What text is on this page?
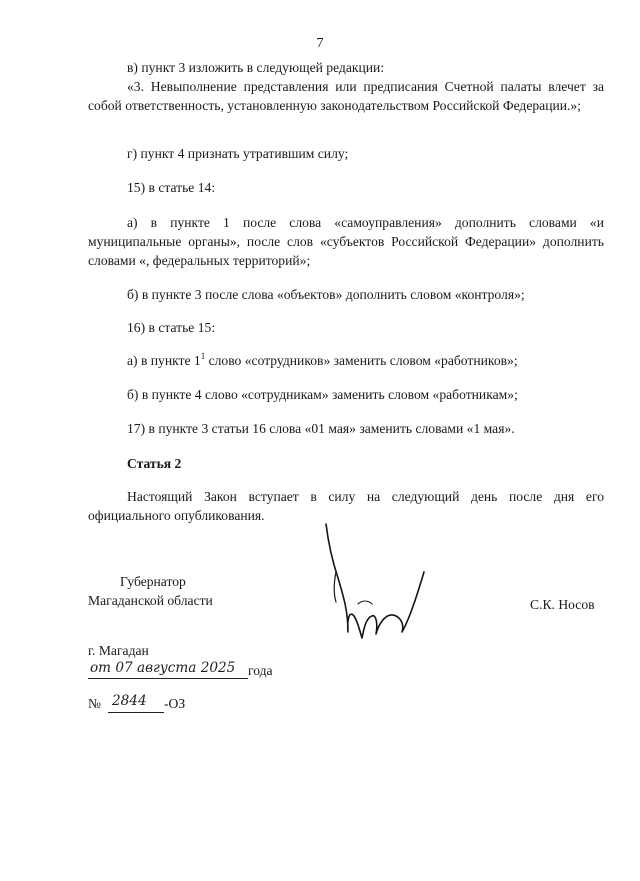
7
в) пункт 3 изложить в следующей редакции:
«3. Невыполнение представления или предписания Счетной палаты влечет за собой ответственность, установленную законодательством Российской Федерации.»;
г) пункт 4 признать утратившим силу;
15) в статье 14:
а) в пункте 1 после слова «самоуправления» дополнить словами «и муниципальные органы», после слов «субъектов Российской Федерации» дополнить словами «, федеральных территорий»;
б) в пункте 3 после слова «объектов» дополнить словом «контроля»;
16) в статье 15:
а) в пункте $1^1$ слово «сотрудников» заменить словом «работников»;
б) в пункте 4 слово «сотрудникам» заменить словом «работникам»;
17) в пункте 3 статьи 16 слова «01 мая» заменить словами «1 мая».
Статья 2
Настоящий Закон вступает в силу на следующий день после дня его официального опубликования.
Губернатор
Магаданской области	С.К. Носов
г. Магадан
от 07 августа 2025 года
№ 2844 -ОЗ
